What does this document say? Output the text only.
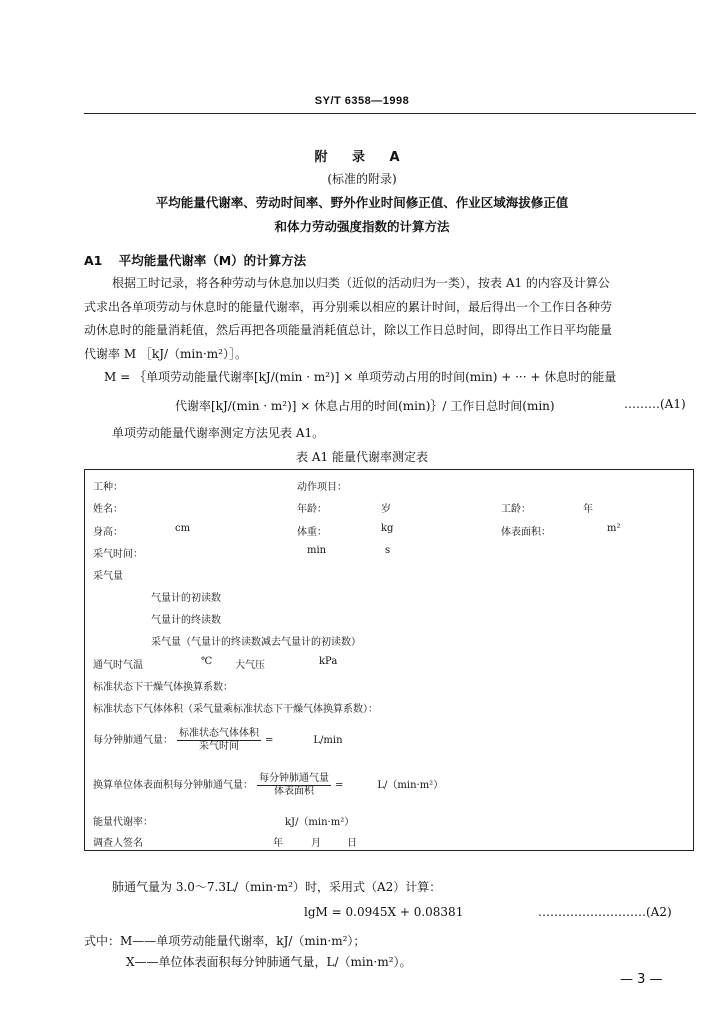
SY/T 6358—1998
附 录 A
(标准的附录)
平均能量代谢率、劳动时间率、野外作业时间修正值、作业区域海拔修正值
和体力劳动强度指数的计算方法
A1 平均能量代谢率（M）的计算方法

根据工时记录，将各种劳动与休息加以归类（近似的活动归为一类），按表 A1 的内容及计算公

式求出各单项劳动与休息时的能量代谢率，再分别乘以相应的累计时间，最后得出一个工作日各种劳

动休息时的能量消耗值，然后再把各项能量消耗值总计，除以工作日总时间，即得出工作日平均能量

代谢率 M ［kJ/（min·m²）］。

M = ｛单项劳动能量代谢率[kJ/(min · m²)] × 单项劳动占用的时间(min) + ··· + 休息时的能量
代谢率[kJ/(min · m²)] × 休息占用的时间(min)｝/ 工作日总时间(min)	………(A1)
单项劳动能量代谢率测定方法见表 A1。
表 A1 能量代谢率测定表
工种：	动作项目：
姓名：	年龄：	岁	工龄：	年
身高：	cm	体重：	kg	体表面积：	m²
采气时间：	min	s
采气量
气量计的初读数
气量计的终读数
采气量（气量计的终读数减去气量计的初读数）
通气时气温	℃ 大气压	kPa
标准状态下干燥气体换算系数：
标准状态下气体体积（采气量乘标准状态下干燥气体换算系数）：
每分钟肺通气量： $\frac{\text{标准状态气体体积}}{\text{采气时间}}$ =	L/min
换算单位体表面积每分钟肺通气量： $\frac{\text{每分钟肺通气量}}{\text{体表面积}}$ =	L/（min·m²）
能量代谢率：	kJ/（min·m²）
调查人签名	年	月	日
肺通气量为 3.0～7.3L/（min·m²）时，采用式（A2）计算：
lgM = 0.0945X + 0.08381	………………………(A2)
式中：M——单项劳动能量代谢率，kJ/（min·m²）；
X——单位体表面积每分钟肺通气量，L/（min·m²）。
— 3 —
